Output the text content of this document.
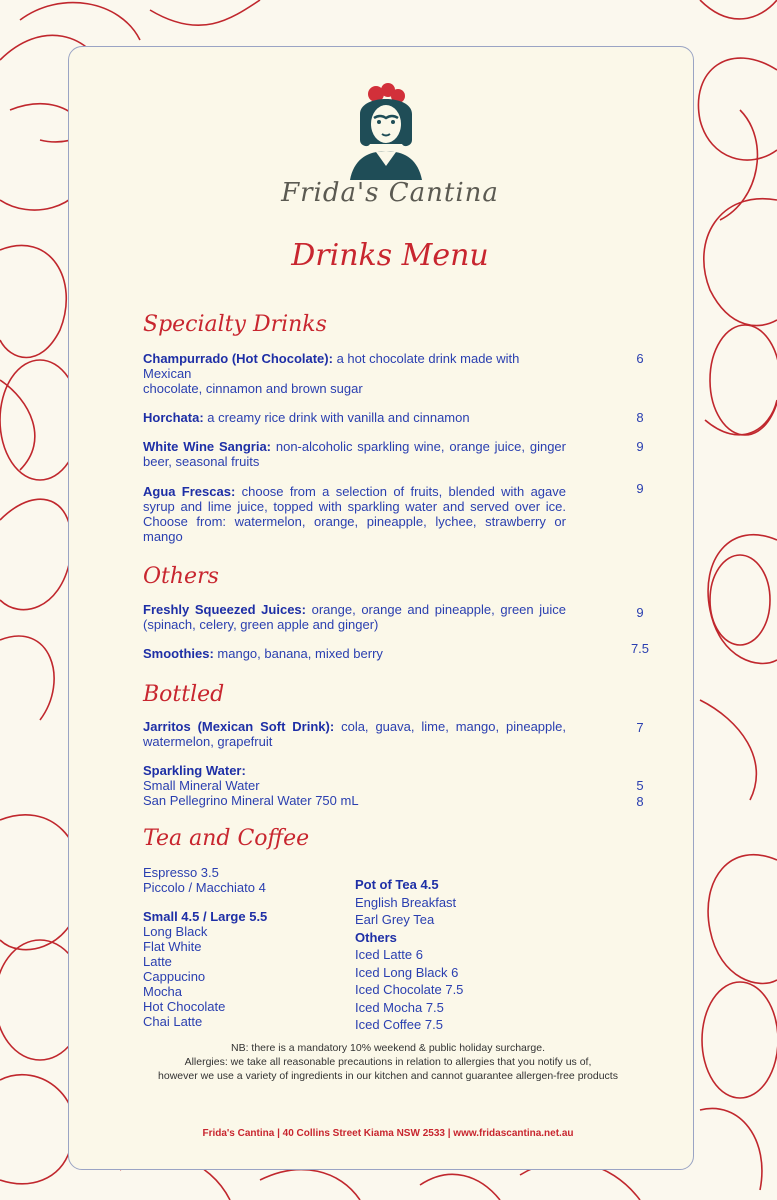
Frida's Cantina
Drinks Menu
Specialty Drinks
Champurrado (Hot Chocolate): a hot chocolate drink made with
Mexican
chocolate, cinnamon and brown sugar
6
Horchata: a creamy rice drink with vanilla and cinnamon	8
White Wine Sangria: non-alcoholic sparkling wine, orange juice, ginger beer, seasonal fruits
9
Agua Frescas: choose from a selection of fruits, blended with agave syrup and lime juice, topped with sparkling water and served over ice. Choose from: watermelon, orange, pineapple, lychee, strawberry or mango
9
Others
Freshly Squeezed Juices: orange, orange and pineapple, green juice (spinach, celery, green apple and ginger)
9
Smoothies: mango, banana, mixed berry	7.5
Bottled
Jarritos (Mexican Soft Drink): cola, guava, lime, mango, pineapple, watermelon, grapefruit
7
Sparkling Water:
Small Mineral Water
San Pellegrino Mineral Water 750 mL
5
8
Tea and Coffee
Espresso 3.5
Piccolo / Macchiato 4

Small 4.5 / Large 5.5
Long Black
Flat White
Latte
Cappucino
Mocha
Hot Chocolate
Chai Latte
Pot of Tea 4.5
English Breakfast
Earl Grey Tea
Others
Iced Latte 6
Iced Long Black 6
Iced Chocolate 7.5
Iced Mocha 7.5
Iced Coffee 7.5
NB: there is a mandatory 10% weekend & public holiday surcharge.
Allergies: we take all reasonable precautions in relation to allergies that you notify us of,
however we use a variety of ingredients in our kitchen and cannot guarantee allergen-free products
Frida's Cantina | 40 Collins Street Kiama NSW 2533 | www.fridascantina.net.au
